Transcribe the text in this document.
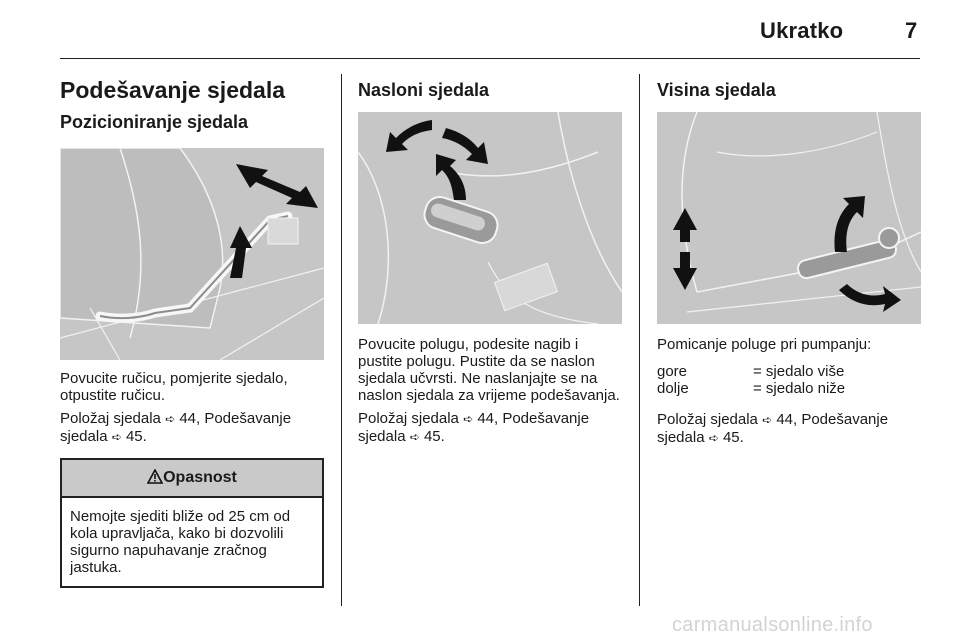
Ukratko	7
Podešavanje sjedala
Pozicioniranje sjedala

Povucite ručicu, pomjerite sjedalo, otpustite ručicu.

Položaj sjedala ➪ 44, Podešavanje
sjedala ➪ 45.

Opasnost

Nemojte sjediti bliže od 25 cm od kola upravljača, kako bi dozvolili sigurno napuhavanje zračnog jastuka.

Nasloni sjedala

Povucite polugu, podesite nagib i pustite polugu. Pustite da se naslon sjedala učvrsti. Ne naslanjajte se na naslon sjedala za vrijeme podešavanja.

Položaj sjedala ➪ 44, Podešavanje
sjedala ➪ 45.

Visina sjedala

Pomicanje poluge pri pumpanju:

gore	= sjedalo više
dolje	= sjedalo niže

Položaj sjedala ➪ 44, Podešavanje
sjedala ➪ 45.

carmanualsonline.info
